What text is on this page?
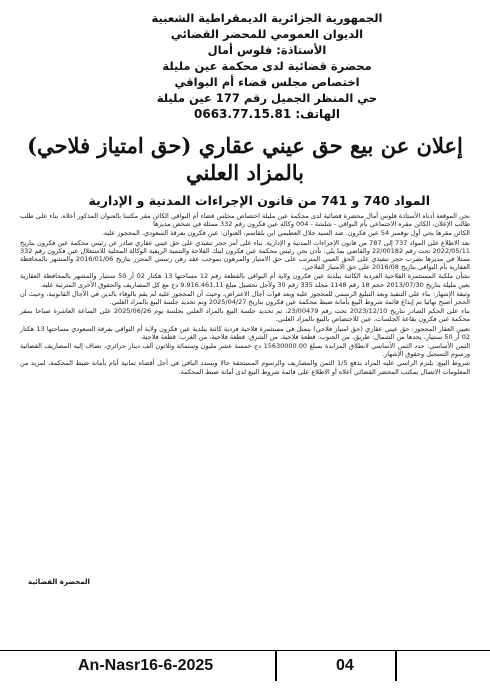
الجمهورية الجزائرية الديمقراطية الشعبية
الديوان العمومي للمحضر القضائي
الأستاذة: فلوس أمال
محضرة قضائية لدى محكمة عين مليلة
اختصاص مجلس قضاء أم البواقي
حي المنظر الجميل رقم 177 عين مليلة
الهاتف: 0663.77.15.81
إعلان عن بيع حق عيني عقاري (حق امتياز فلاحي)
بالمزاد العلني
المواد 740 و 741 من قانون الإجراءات المدنية و الإدارية

نحن الموقعة أدناه الأستاذة فلوس أمال محضرة قضائية لدى محكمة عين مليلة اختصاص مجلس قضاء أم البواقي الكائن مقر مكتبنا بالعنوان المذكور أعلاه، بناء على طلب طالب الإعلان، الكائن مقره الاجتماعي بأم البواقي - شلشة - 004 وكالة عين فكرون رقم 332 ممثلة في شخص مديرها

الكائن مقرها بحي أول نوفمبر 54 عين فكرون. ضد السيد جلال العطيمي ابن بلقاسم، العنوان: عين فكرون بفرقة السعودي، المحجوز عليه.

بعد الاطلاع على المواد 737 إلى 787 من قانون الإجراءات المدنية و الإدارية. بناء على أمر حجز تنفيذي على حق عيني عقاري صادر عن رئيس محكمة عين فكرون بتاريخ 2022/05/11 تحت رقم 22/00182 والقاضي بما يلي: تأذن نحن رئيس محكمة عين فكرون لبنك الفلاحة والتنمية الريفية الوكالة المحلية للاستغلال عين فكرون رقم 332 ممثلا في مديرها بضرب حجز تنفيذي على الحق العيني المترتب على حق الامتياز والمرهون بموجب عقد رهن رسمي المحرر بتاريخ 2016/01/06 والمشهر بالمحافظة العقارية بأم البواقي بتاريخ 2016/08 على حق الامتياز الفلاحي.

بشأن ملكية المستثمرة الفلاحية الفردية الكائنة ببلدية عين فكرون ولاية أم البواقي بالقطعة رقم 12 مساحتها 13 هكتار 02 أر 50 سنتيار والمشهر بالمحافظة العقارية بعين مليلة بتاريخ 2013/07/30 حجم 18 رقم 1148 مجلد 335 رقم 30 ولأجل تحصيل مبلغ 9.916.461,11 دج مع كل المصاريف والحقوق الأخرى المترتبة عليه.

وثيقة الإشهار: بناء على التنفيذ وبعد التبليغ الرسمي للمحجوز عليه وبعد فوات آجال الاعتراض، وحيث أن المحجوز عليه لم يقم بالوفاء بالدين في الآجال القانونية، وحيث أن الحجز أصبح نهائيا تم إيداع قائمة شروط البيع بأمانة ضبط محكمة عين فكرون بتاريخ 2025/04/27 وتم تحديد جلسة البيع بالمزاد العلني.

بناء على الحكم الصادر بتاريخ 2023/12/10 تحت رقم 23/00479، ثم تحديد جلسة البيع بالمزاد العلني بجلسة يوم 2025/06/26 على الساعة العاشرة صباحا بمقر محكمة عين فكرون بقاعة الجلسات، عين للاختصاص بالبيع بالمزاد العلني.

تعيين العقار المحجوز: حق عيني عقاري (حق امتياز فلاحي) يتمثل في مستثمرة فلاحية فردية كائنة ببلدية عين فكرون ولاية أم البواقي بفرقة السعودي مساحتها 13 هكتار 02 أر 50 سنتيار، يحدها من الشمال: طريق، من الجنوب: قطعة فلاحية، من الشرق: قطعة فلاحية، من الغرب: قطعة فلاحية.

الثمن الأساسي: حدد الثمن الأساسي لانطلاق المزايدة بمبلغ 15630000.00 دج خمسة عشر مليون وستمائة وثلاثون ألف دينار جزائري، تضاف إليه المصاريف القضائية ورسوم التسجيل وحقوق الإشهار.

شروط البيع: يلتزم الراسي عليه المزاد بدفع 1/5 الثمن والمصاريف والرسوم المستحقة حالا ويسدد الباقي في أجل أقصاه ثمانية أيام بأمانة ضبط المحكمة، لمزيد من المعلومات الاتصال بمكتب المحضر القضائي أعلاه أو الاطلاع على قائمة شروط البيع لدى أمانة ضبط المحكمة.

المحضرة القضائية
An-Nasr16-6-2025	04
